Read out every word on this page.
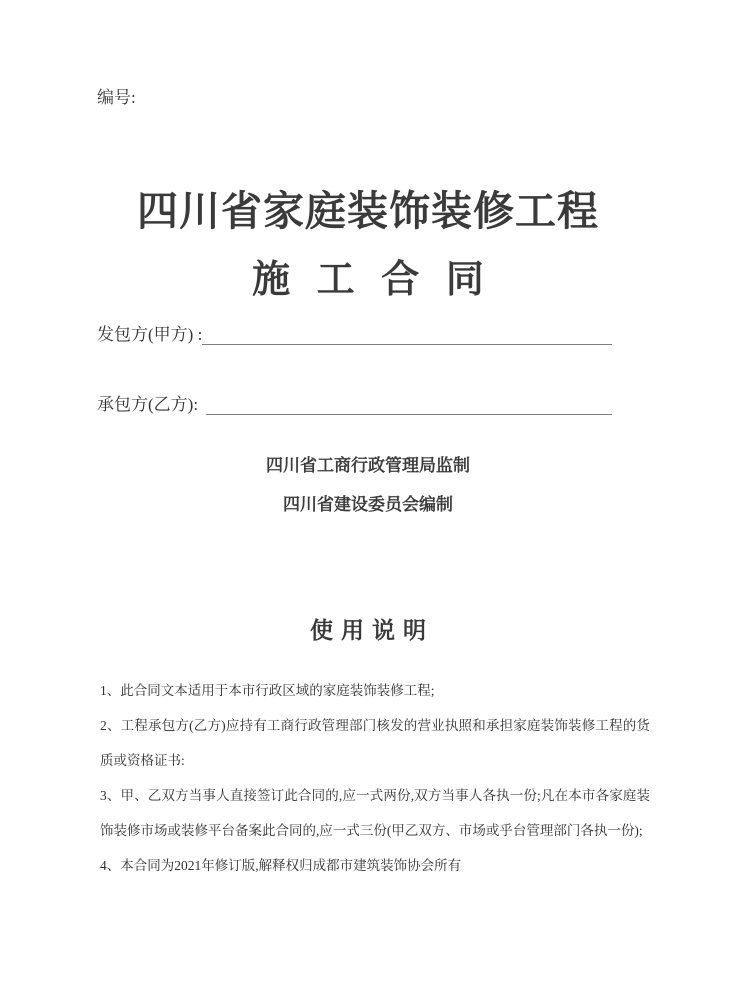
编号:
四川省家庭装饰装修工程
施 工 合 同
发包方(甲方) :
承包方(乙方):
四川省工商行政管理局监制
四川省建设委员会编制
使用说明

1、此合同文本适用于本市行政区域的家庭装饰装修工程;

2、工程承包方(乙方)应持有工商行政管理部门核发的营业执照和承担家庭装饰装修工程的货质或资格证书:

3、甲、乙双方当事人直接签订此合同的,应一式两份,双方当事人各执一份;凡在本市各家庭装饰装修市场或装修平台备案此合同的,应一式三份(甲乙双方、市场或乎台管理部门各执一份);

4、本合同为2021年修订版,解释权归成都市建筑装饰协会所有
